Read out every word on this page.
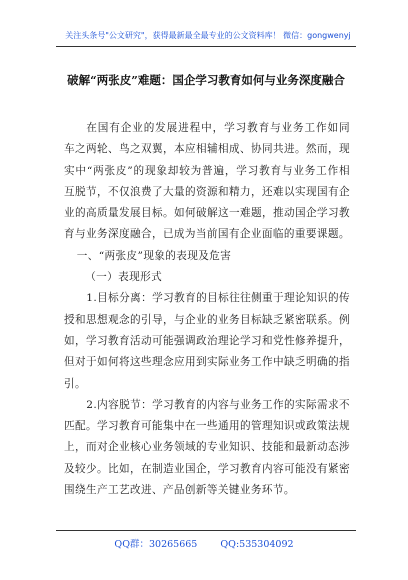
关注头条号"公文研究"，获得最新最全最专业的公文资料库！ 微信：gongwenyj
破解“两张皮”难题：国企学习教育如何与业务深度融合

在国有企业的发展进程中，学习教育与业务工作如同车之两轮、鸟之双翼，本应相辅相成、协同共进。然而，现实中“两张皮”的现象却较为普遍，学习教育与业务工作相互脱节，不仅浪费了大量的资源和精力，还难以实现国有企业的高质量发展目标。如何破解这一难题，推动国企学习教育与业务深度融合，已成为当前国有企业面临的重要课题。

一、“两张皮”现象的表现及危害

（一）表现形式

1.目标分离：学习教育的目标往往侧重于理论知识的传授和思想观念的引导，与企业的业务目标缺乏紧密联系。例如，学习教育活动可能强调政治理论学习和党性修养提升，但对于如何将这些理念应用到实际业务工作中缺乏明确的指引。

2.内容脱节：学习教育的内容与业务工作的实际需求不匹配。学习教育可能集中在一些通用的管理知识或政策法规上，而对企业核心业务领域的专业知识、技能和最新动态涉及较少。比如，在制造业国企，学习教育内容可能没有紧密围绕生产工艺改进、产品创新等关键业务环节。

QQ群：30265665 QQ:535304092
